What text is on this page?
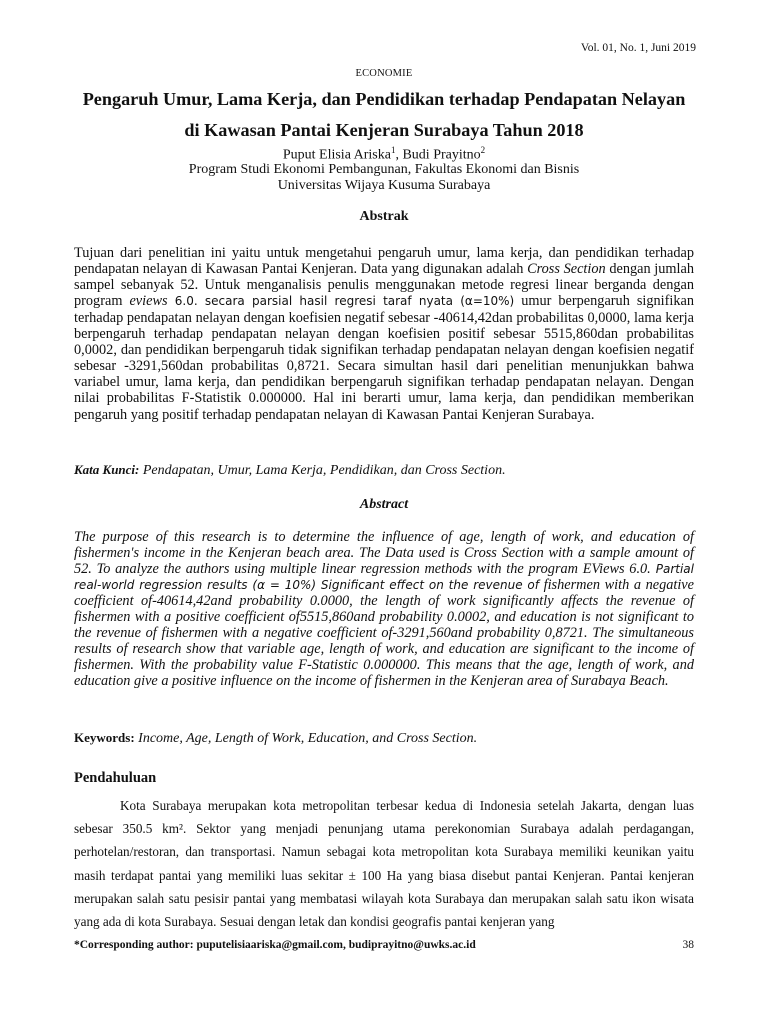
Vol. 01, No. 1, Juni 2019
ECONOMIE
Pengaruh Umur, Lama Kerja, dan Pendidikan terhadap Pendapatan Nelayan
di Kawasan Pantai Kenjeran Surabaya Tahun 2018
Puput Elisia Ariska$^1$, Budi Prayitno$^2$
Program Studi Ekonomi Pembangunan, Fakultas Ekonomi dan Bisnis
Universitas Wijaya Kusuma Surabaya
Abstrak

Tujuan dari penelitian ini yaitu untuk mengetahui pengaruh umur, lama kerja, dan pendidikan terhadap pendapatan nelayan di Kawasan Pantai Kenjeran. Data yang digunakan adalah Cross Section dengan jumlah sampel sebanyak 52. Untuk menganalisis penulis menggunakan metode regresi linear berganda dengan program eviews 6.0. secara parsial hasil regresi taraf nyata (α=10%) umur berpengaruh signifikan terhadap pendapatan nelayan dengan koefisien negatif sebesar -40614,42dan probabilitas 0,0000, lama kerja berpengaruh terhadap pendapatan nelayan dengan koefisien positif sebesar 5515,860dan probabilitas 0,0002, dan pendidikan berpengaruh tidak signifikan terhadap pendapatan nelayan dengan koefisien negatif sebesar -3291,560dan probabilitas 0,8721. Secara simultan hasil dari penelitian menunjukkan bahwa variabel umur, lama kerja, dan pendidikan berpengaruh signifikan terhadap pendapatan nelayan. Dengan nilai probabilitas F-Statistik 0.000000. Hal ini berarti umur, lama kerja, dan pendidikan memberikan pengaruh yang positif terhadap pendapatan nelayan di Kawasan Pantai Kenjeran Surabaya.

Kata Kunci: Pendapatan, Umur, Lama Kerja, Pendidikan, dan Cross Section.
Abstract

The purpose of this research is to determine the influence of age, length of work, and education of fishermen's income in the Kenjeran beach area. The Data used is Cross Section with a sample amount of 52. To analyze the authors using multiple linear regression methods with the program EViews 6.0. Partial real-world regression results (α = 10%) Significant effect on the revenue of fishermen with a negative coefficient of-40614,42and probability 0.0000, the length of work significantly affects the revenue of fishermen with a positive coefficient of5515,860and probability 0.0002, and education is not significant to the revenue of fishermen with a negative coefficient of-3291,560and probability 0,8721. The simultaneous results of research show that variable age, length of work, and education are significant to the income of fishermen. With the probability value F-Statistic 0.000000. This means that the age, length of work, and education give a positive influence on the income of fishermen in the Kenjeran area of Surabaya Beach.

Keywords: Income, Age, Length of Work, Education, and Cross Section.
Pendahuluan

Kota Surabaya merupakan kota metropolitan terbesar kedua di Indonesia setelah Jakarta, dengan luas sebesar 350.5 km². Sektor yang menjadi penunjang utama perekonomian Surabaya adalah perdagangan, perhotelan/restoran, dan transportasi. Namun sebagai kota metropolitan kota Surabaya memiliki keunikan yaitu masih terdapat pantai yang memiliki luas sekitar ± 100 Ha yang biasa disebut pantai Kenjeran. Pantai kenjeran merupakan salah satu pesisir pantai yang membatasi wilayah kota Surabaya dan merupakan salah satu ikon wisata yang ada di kota Surabaya. Sesuai dengan letak dan kondisi geografis pantai kenjeran yang

*Corresponding author: puputelisiaariska@gmail.com, budiprayitno@uwks.ac.id	38
